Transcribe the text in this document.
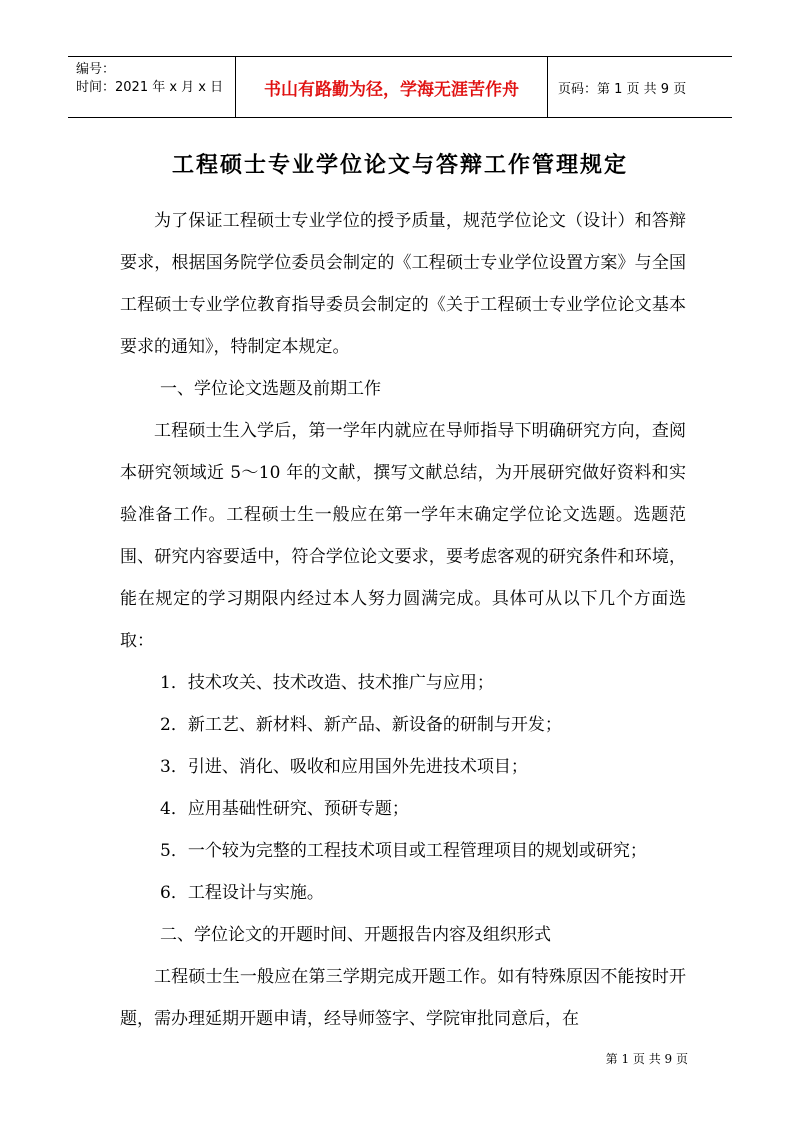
编号：
时间：2021 年 x 月 x 日	书山有路勤为径，学海无涯苦作舟	页码：第 1 页 共 9 页
工程硕士专业学位论文与答辩工作管理规定

为了保证工程硕士专业学位的授予质量，规范学位论文（设计）和答辩要求，根据国务院学位委员会制定的《工程硕士专业学位设置方案》与全国工程硕士专业学位教育指导委员会制定的《关于工程硕士专业学位论文基本要求的通知》，特制定本规定。

一、学位论文选题及前期工作

工程硕士生入学后，第一学年内就应在导师指导下明确研究方向，查阅本研究领域近 5～10 年的文献，撰写文献总结，为开展研究做好资料和实验准备工作。工程硕士生一般应在第一学年末确定学位论文选题。选题范围、研究内容要适中，符合学位论文要求，要考虑客观的研究条件和环境，能在规定的学习期限内经过本人努力圆满完成。具体可从以下几个方面选取：

1．技术攻关、技术改造、技术推广与应用；
2．新工艺、新材料、新产品、新设备的研制与开发；
3．引进、消化、吸收和应用国外先进技术项目；
4．应用基础性研究、预研专题；
5．一个较为完整的工程技术项目或工程管理项目的规划或研究；
6．工程设计与实施。

二、学位论文的开题时间、开题报告内容及组织形式

工程硕士生一般应在第三学期完成开题工作。如有特殊原因不能按时开题，需办理延期开题申请，经导师签字、学院审批同意后，在

第 1 页 共 9 页
